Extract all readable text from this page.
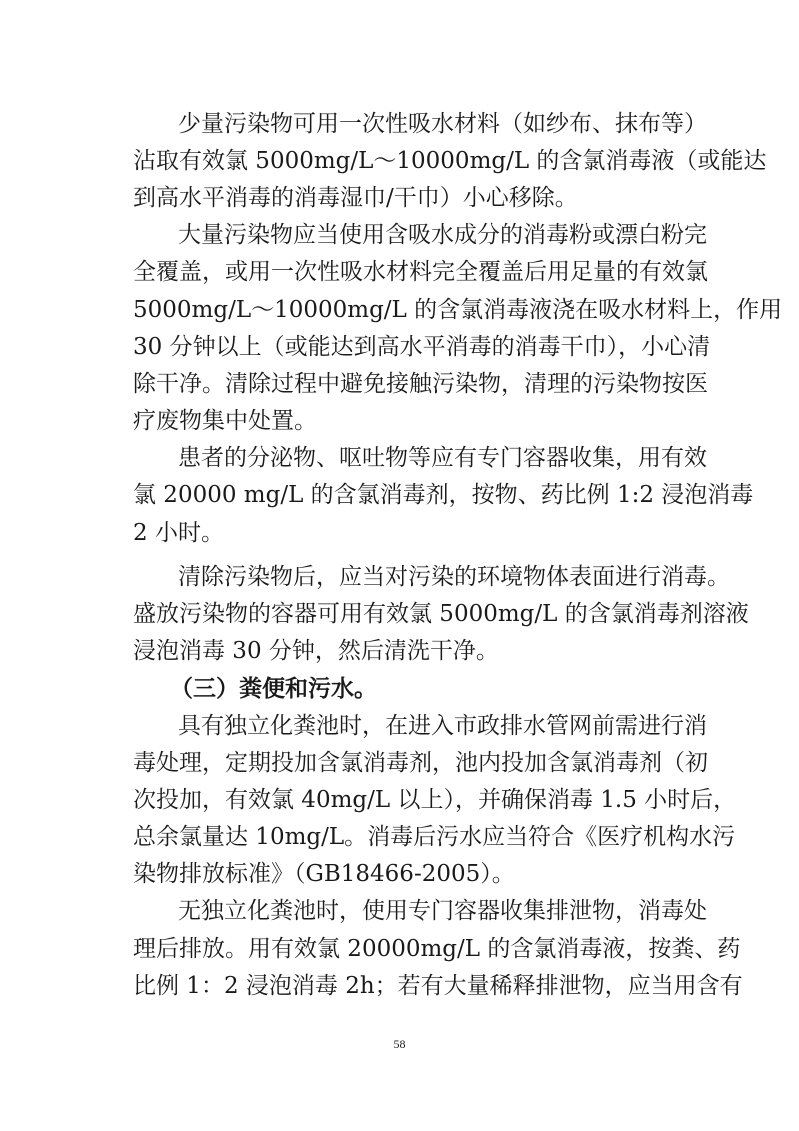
少量污染物可用一次性吸水材料（如纱布、抹布等）
沾取有效氯 5000mg/L～10000mg/L 的含氯消毒液（或能达
到高水平消毒的消毒湿巾/干巾）小心移除。
大量污染物应当使用含吸水成分的消毒粉或漂白粉完
全覆盖，或用一次性吸水材料完全覆盖后用足量的有效氯
5000mg/L～10000mg/L 的含氯消毒液浇在吸水材料上，作用
30 分钟以上（或能达到高水平消毒的消毒干巾），小心清
除干净。清除过程中避免接触污染物，清理的污染物按医
疗废物集中处置。
患者的分泌物、呕吐物等应有专门容器收集，用有效
氯 20000 mg/L 的含氯消毒剂，按物、药比例 1:2 浸泡消毒
2 小时。
清除污染物后，应当对污染的环境物体表面进行消毒。
盛放污染物的容器可用有效氯 5000mg/L 的含氯消毒剂溶液
浸泡消毒 30 分钟，然后清洗干净。
（三）粪便和污水。
具有独立化粪池时，在进入市政排水管网前需进行消
毒处理，定期投加含氯消毒剂，池内投加含氯消毒剂（初
次投加，有效氯 40mg/L 以上），并确保消毒 1.5 小时后，
总余氯量达 10mg/L。消毒后污水应当符合《医疗机构水污
染物排放标准》（GB18466-2005）。
无独立化粪池时，使用专门容器收集排泄物，消毒处
理后排放。用有效氯 20000mg/L 的含氯消毒液，按粪、药
比例 1：2 浸泡消毒 2h；若有大量稀释排泄物，应当用含有
58
